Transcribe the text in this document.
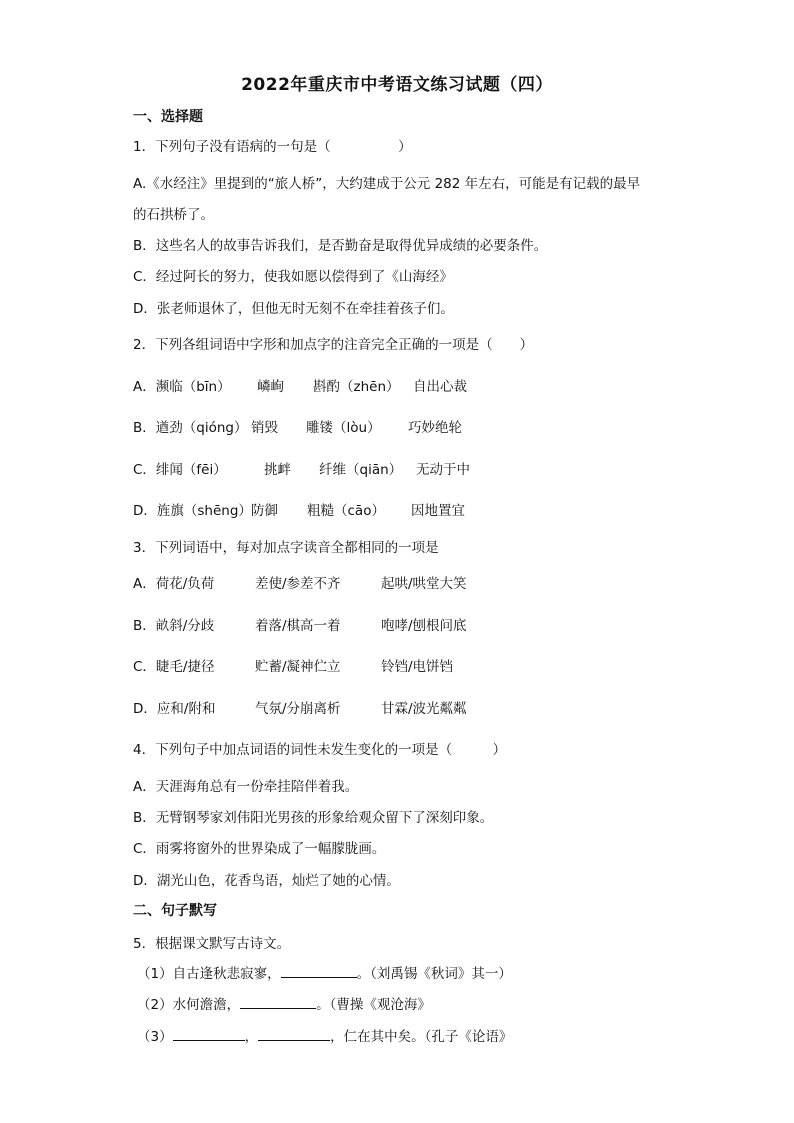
2022年重庆市中考语文练习试题（四）
一、选择题
1．下列句子没有语病的一句是（　　　　　）
A.《水经注》里提到的“旅人桥”，大约建成于公元 282 年左右，可能是有记载的最早
的石拱桥了。
B．这些名人的故事告诉我们，是否勤奋是取得优异成绩的必要条件。
C．经过阿长的努力，使我如愿以偿得到了《山海经》
D．张老师退休了，但他无时无刻不在牵挂着孩子们。
2．下列各组词语中字形和加点字的注音完全正确的一项是（　　）
A．濒临（bīn） 嶙峋 斟酌（zhēn） 自出心裁
B．遒劲（qióng） 销毁 雕镂（lòu） 巧妙绝轮
C．绯闻（fēi）	挑衅 纤维（qiān） 无动于中
D．旌旗（shēng） 防御 粗糙（cāo） 因地置宜
3．下列词语中，每对加点字读音全都相同的一项是
A．荷花/负荷	差使/参差不齐	起哄/哄堂大笑
B．畝斜/分歧	着落/棋高一着	咆哮/刨根问底
C．睫毛/捷径	贮蓄/凝神伫立	铃铛/电饼铛
D．应和/附和	气氛/分崩离析	甘霖/波光粼粼
4．下列句子中加点词语的词性未发生变化的一项是（　　　）
A．天涯海角总有一份牵挂陪伴着我。
B．无臂钢琴家刘伟阳光男孩的形象给观众留下了深刻印象。
C．雨雾将窗外的世界染成了一幅朦胧画。
D．湖光山色，花香鸟语，灿烂了她的心情。
二、句子默写
5．根据课文默写古诗文。
（1）自古逢秋悲寂寥，	。（刘禹锡《秋词》其一）
（2）水何澹澹，	。（曹操《观沧海》
（3）	，	，仁在其中矣。（孔子《论语》
